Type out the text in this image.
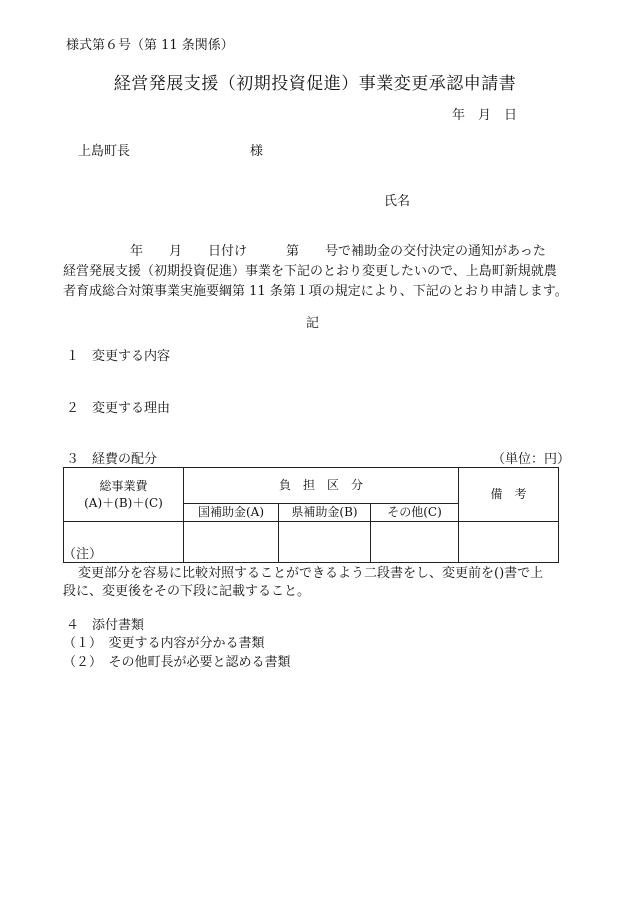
様式第６号（第 11 条関係）
経営発展支援（初期投資促進）事業変更承認申請書
年　月　日
上島町長	様
氏名
年　　月　　日付け　　　第　　号で補助金の交付決定の通知があった
経営発展支援（初期投資促進）事業を下記のとおり変更したいので、上島町新規就農
者育成総合対策事業実施要綱第 11 条第１項の規定により、下記のとおり申請します。
記
１　変更する内容
２　変更する理由
３　経費の配分	（単位：円）
総事業費
(A)＋(B)＋(C)	負　担　区　分			備　考
	国補助金(A)	県補助金(B)	その他(C)	

（注）
変更部分を容易に比較対照することができるよう二段書をし、変更前を()書で上
段に、変更後をその下段に記載すること。
４　添付書類
（１）　変更する内容が分かる書類
（２）　その他町長が必要と認める書類
